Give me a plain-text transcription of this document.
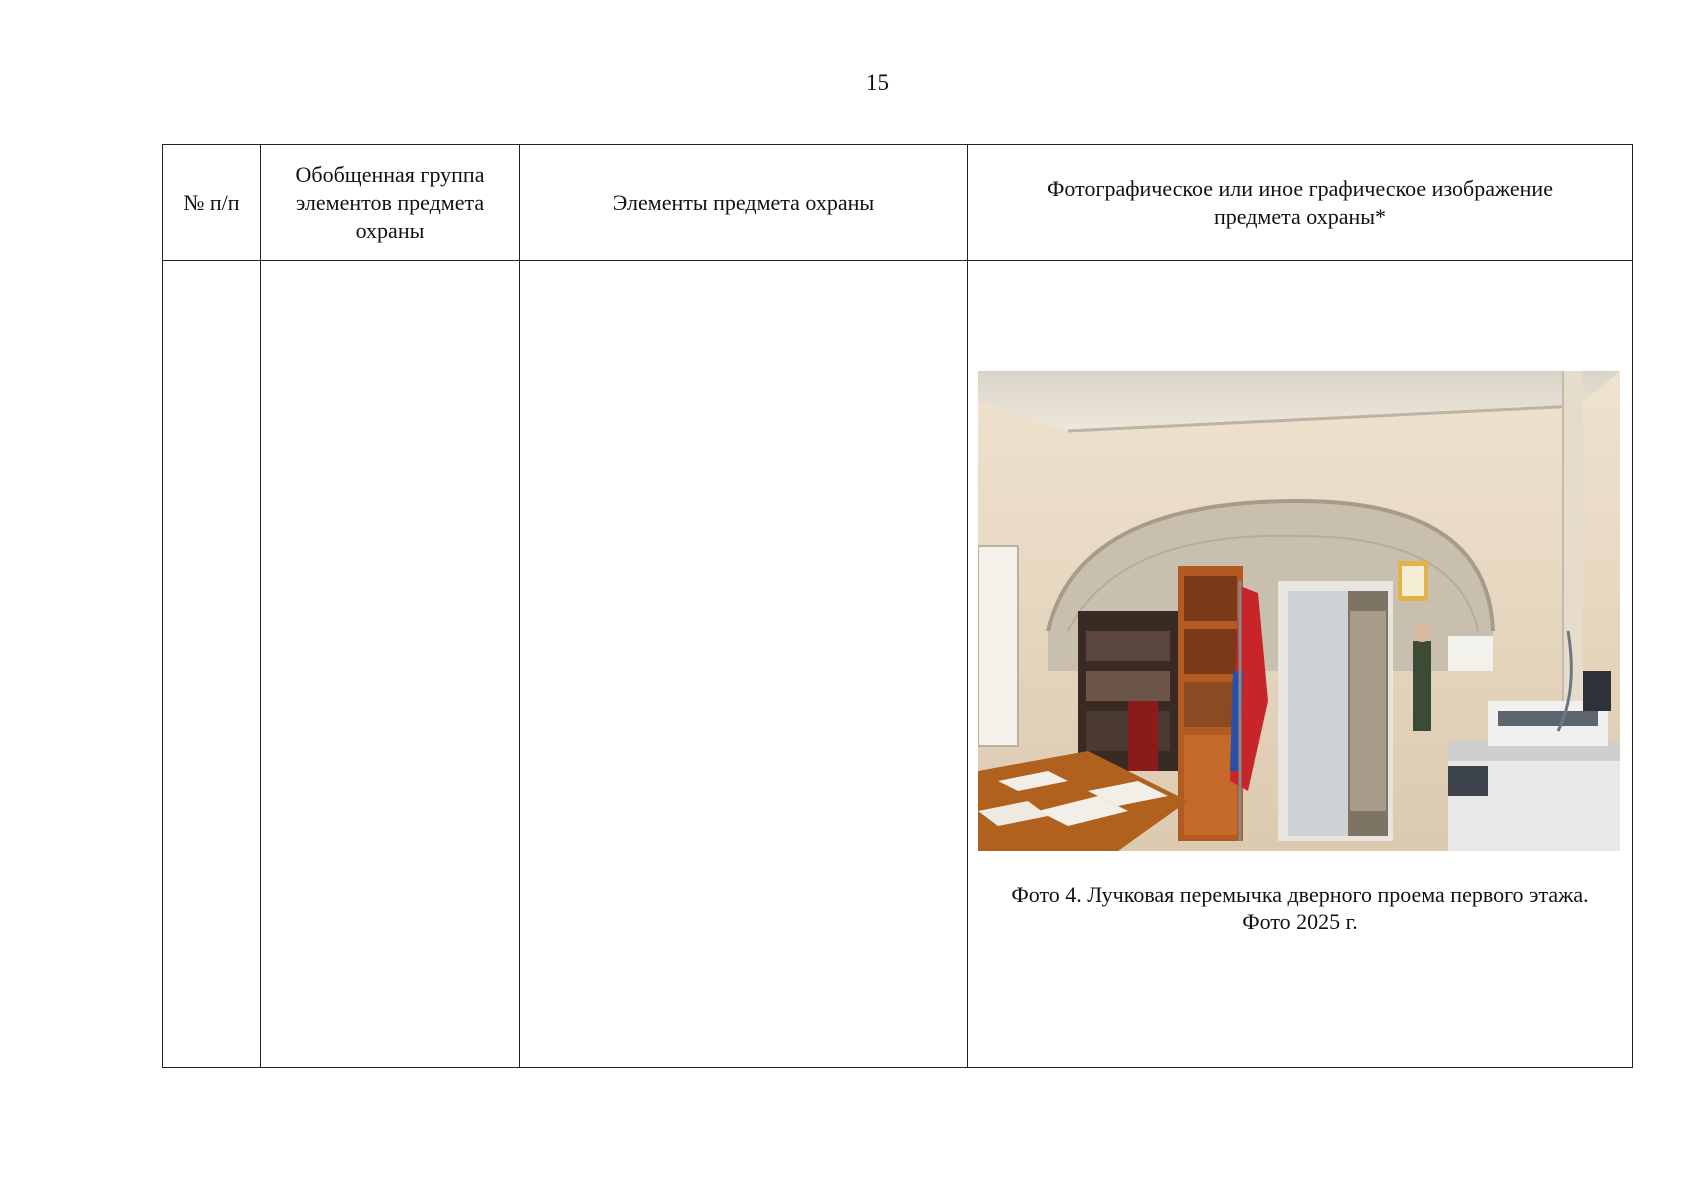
15
№ п/п	Обобщенная группа элементов предмета охраны	Элементы предмета охраны	Фотографическое или иное графическое изображение предмета охраны*

			Фото 4. Лучковая перемычка дверного проема первого этажа.
Фото 2025 г.
